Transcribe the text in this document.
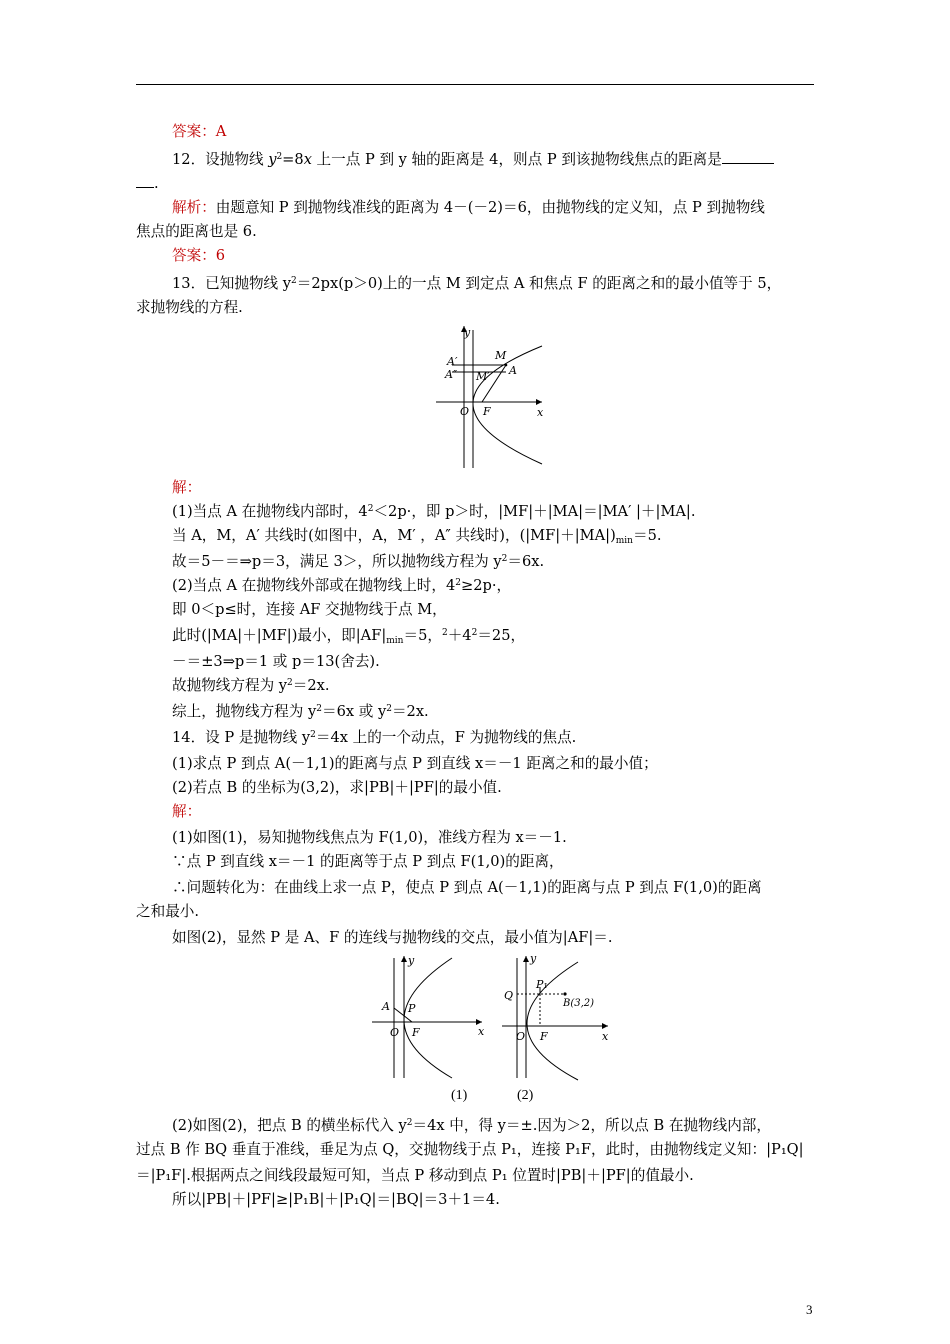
答案：A
12．设抛物线 $y^2=8x$ 上一点 P 到 y 轴的距离是 4，则点 P 到该抛物线焦点的距离是
.
解析：由题意知 P 到抛物线准线的距离为 4－(－2)＝6，由抛物线的定义知，点 P 到抛物线
焦点的距离也是 6.
答案：6
13．已知抛物线 $y^2=2px(p>0)$上的一点 M 到定点 A 和焦点 F 的距离之和的最小值等于 5，
求抛物线的方程.
y
x
O F
M
M′ A
A′
A″
解：
(1)当点 A 在抛物线内部时，$4^2<2p\cdot$，即 p＞时，|MF|＋|MA|＝|MA′ |＋|MA|.
当 A，M，A′ 共线时(如图中，A，M′ ，A″ 共线时)，$(|MF|+|MA|)_{min}=5$.
故＝5－＝⇒p＝3，满足 3＞，所以抛物线方程为 $y^2=6x$.
(2)当点 A 在抛物线外部或在抛物线上时，$4^2\ge 2p\cdot$，
即 0＜p≤时，连接 AF 交抛物线于点 M，
此时(|MA|＋|MF|)最小，即$|AF|_{min}=5$，$^2+4^2=25$，
－＝±3⇒p＝1 或 p＝13(舍去).
故抛物线方程为 $y^2=2x$.
综上，抛物线方程为 $y^2=6x$ 或 $y^2=2x$.
14．设 P 是抛物线 $y^2=4x$ 上的一个动点，F 为抛物线的焦点.
(1)求点 P 到点 A(－1,1)的距离与点 P 到直线 x＝－1 距离之和的最小值；
(2)若点 B 的坐标为(3,2)，求|PB|＋|PF|的最小值.
解：
(1)如图(1)，易知抛物线焦点为 F(1,0)，准线方程为 x＝－1.
∵点 P 到直线 x＝－1 的距离等于点 P 到点 F(1,0)的距离，
∴问题转化为：在曲线上求一点 P，使点 P 到点 A(－1,1)的距离与点 P 到点 F(1,0)的距离
之和最小.
如图(2)，显然 P 是 A、F 的连线与抛物线的交点，最小值为|AF|＝.
y
x
O F
A P
y
x
O F
Q
P₁
B(3,2)
(1)	(2)
(2)如图(2)，把点 B 的横坐标代入 $y^2=4x$ 中，得 y＝±.因为＞2，所以点 B 在抛物线内部，
过点 B 作 BQ 垂直于准线，垂足为点 Q，交抛物线于点 P₁，连接 P₁F，此时，由抛物线定义知：|P₁Q|
＝|P₁F|.根据两点之间线段最短可知，当点 P 移动到点 P₁ 位置时|PB|＋|PF|的值最小.
所以|PB|＋|PF|≥|P₁B|＋|P₁Q|＝|BQ|＝3＋1＝4.
3
